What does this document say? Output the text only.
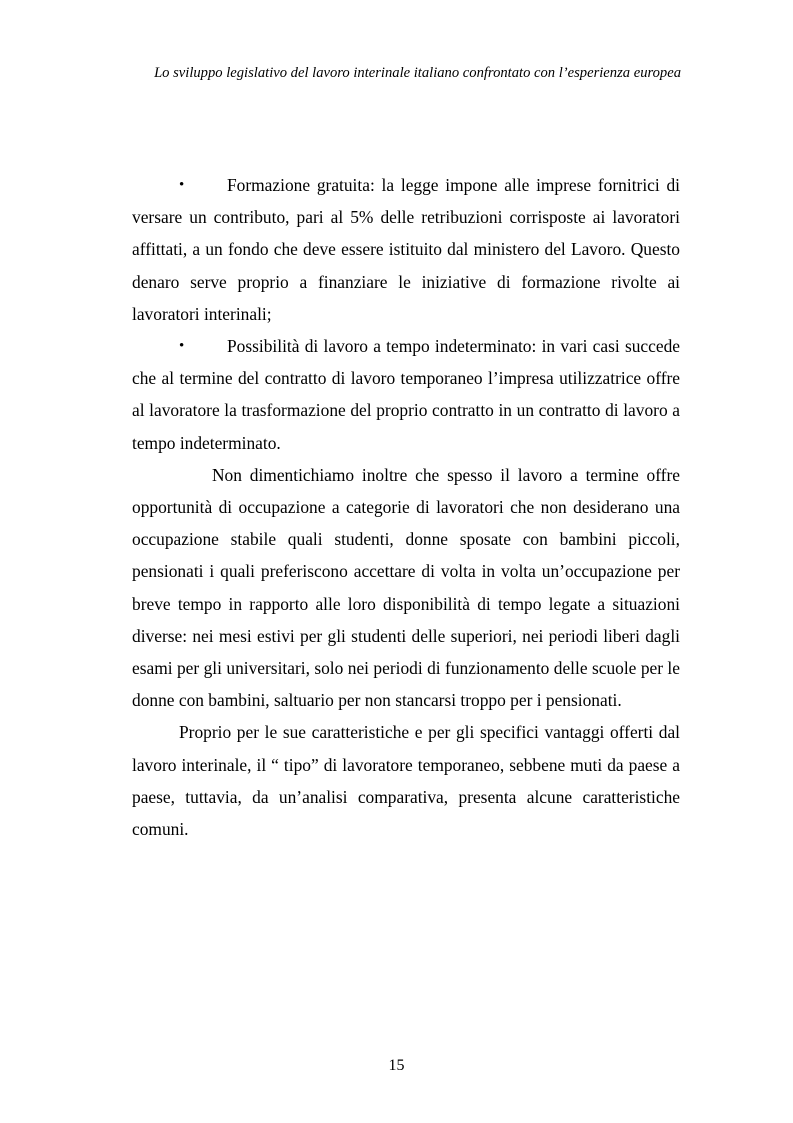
Lo sviluppo legislativo del lavoro interinale italiano confrontato con l’esperienza europea

• Formazione gratuita: la legge impone alle imprese fornitrici di versare un contributo, pari al 5% delle retribuzioni corrisposte ai lavoratori affittati, a un fondo che deve essere istituito dal ministero del Lavoro. Questo denaro serve proprio a finanziare le iniziative di formazione rivolte ai lavoratori interinali;

• Possibilità di lavoro a tempo indeterminato: in vari casi succede che al termine del contratto di lavoro temporaneo l’impresa utilizzatrice offre al lavoratore la trasformazione del proprio contratto in un contratto di lavoro a tempo indeterminato.

Non dimentichiamo inoltre che spesso il lavoro a termine offre opportunità di occupazione a categorie di lavoratori che non desiderano una occupazione stabile quali studenti, donne sposate con bambini piccoli, pensionati i quali preferiscono accettare di volta in volta un’occupazione per breve tempo in rapporto alle loro disponibilità di tempo legate a situazioni diverse: nei mesi estivi per gli studenti delle superiori, nei periodi liberi dagli esami per gli universitari, solo nei periodi di funzionamento delle scuole per le donne con bambini, saltuario per non stancarsi troppo per i pensionati.

Proprio per le sue caratteristiche e per gli specifici vantaggi offerti dal lavoro interinale, il “ tipo” di lavoratore temporaneo, sebbene muti da paese a paese, tuttavia, da un’analisi comparativa, presenta alcune caratteristiche comuni.

15
